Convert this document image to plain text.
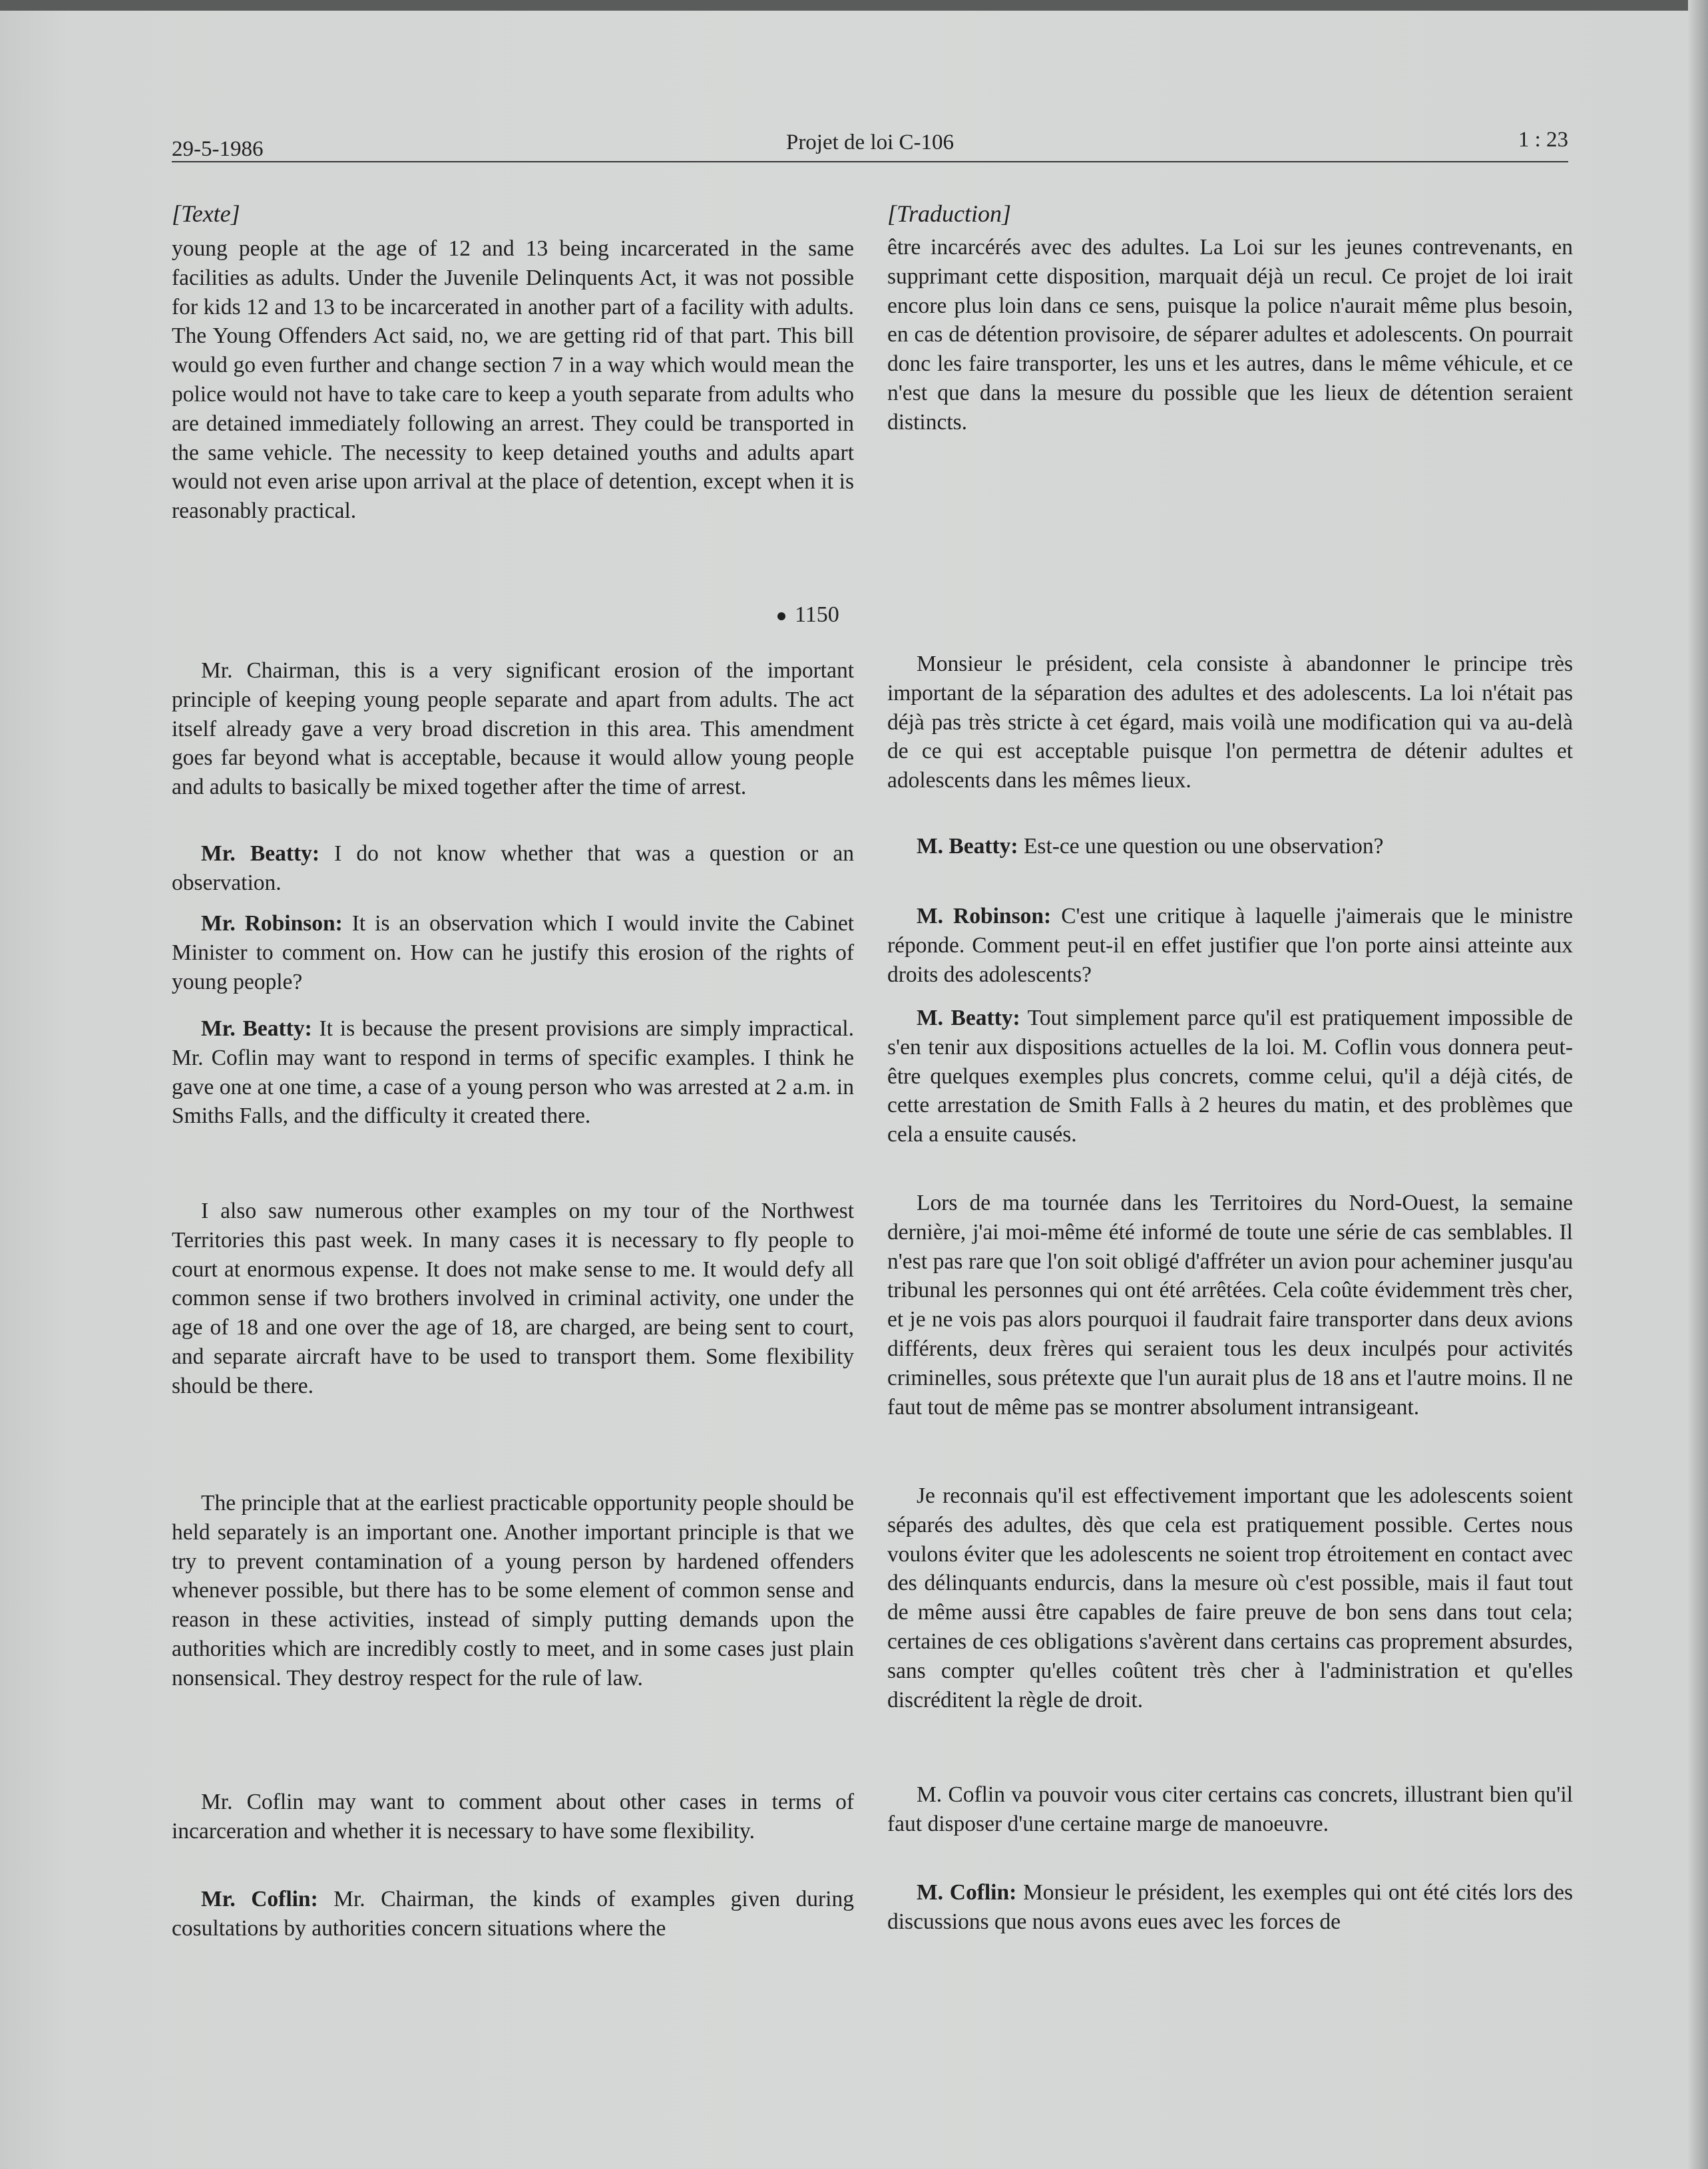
29-5-1986	Projet de loi C-106	1 : 23
[Texte]

young people at the age of 12 and 13 being incarcerated in the same facilities as adults. Under the Juvenile Delinquents Act, it was not possible for kids 12 and 13 to be incarcerated in another part of a facility with adults. The Young Offenders Act said, no, we are getting rid of that part. This bill would go even further and change section 7 in a way which would mean the police would not have to take care to keep a youth separate from adults who are detained immediately following an arrest. They could be transported in the same vehicle. The necessity to keep detained youths and adults apart would not even arise upon arrival at the place of detention, except when it is reasonably practical.

1150

Mr. Chairman, this is a very significant erosion of the important principle of keeping young people separate and apart from adults. The act itself already gave a very broad discretion in this area. This amendment goes far beyond what is acceptable, because it would allow young people and adults to basically be mixed together after the time of arrest.

Mr. Beatty: I do not know whether that was a question or an observation.

Mr. Robinson: It is an observation which I would invite the Cabinet Minister to comment on. How can he justify this erosion of the rights of young people?

Mr. Beatty: It is because the present provisions are simply impractical. Mr. Coflin may want to respond in terms of specific examples. I think he gave one at one time, a case of a young person who was arrested at 2 a.m. in Smiths Falls, and the difficulty it created there.

I also saw numerous other examples on my tour of the Northwest Territories this past week. In many cases it is necessary to fly people to court at enormous expense. It does not make sense to me. It would defy all common sense if two brothers involved in criminal activity, one under the age of 18 and one over the age of 18, are charged, are being sent to court, and separate aircraft have to be used to transport them. Some flexibility should be there.

The principle that at the earliest practicable opportunity people should be held separately is an important one. Another important principle is that we try to prevent contamination of a young person by hardened offenders whenever possible, but there has to be some element of common sense and reason in these activities, instead of simply putting demands upon the authorities which are incredibly costly to meet, and in some cases just plain nonsensical. They destroy respect for the rule of law.

Mr. Coflin may want to comment about other cases in terms of incarceration and whether it is necessary to have some flexibility.

Mr. Coflin: Mr. Chairman, the kinds of examples given during cosultations by authorities concern situations where the

[Traduction]

être incarcérés avec des adultes. La Loi sur les jeunes contrevenants, en supprimant cette disposition, marquait déjà un recul. Ce projet de loi irait encore plus loin dans ce sens, puisque la police n'aurait même plus besoin, en cas de détention provisoire, de séparer adultes et adolescents. On pourrait donc les faire transporter, les uns et les autres, dans le même véhicule, et ce n'est que dans la mesure du possible que les lieux de détention seraient distincts.

Monsieur le président, cela consiste à abandonner le principe très important de la séparation des adultes et des adolescents. La loi n'était pas déjà pas très stricte à cet égard, mais voilà une modification qui va au-delà de ce qui est acceptable puisque l'on permettra de détenir adultes et adolescents dans les mêmes lieux.

M. Beatty: Est-ce une question ou une observation?

M. Robinson: C'est une critique à laquelle j'aimerais que le ministre réponde. Comment peut-il en effet justifier que l'on porte ainsi atteinte aux droits des adolescents?

M. Beatty: Tout simplement parce qu'il est pratiquement impossible de s'en tenir aux dispositions actuelles de la loi. M. Coflin vous donnera peut-être quelques exemples plus concrets, comme celui, qu'il a déjà cités, de cette arrestation de Smith Falls à 2 heures du matin, et des problèmes que cela a ensuite causés.

Lors de ma tournée dans les Territoires du Nord-Ouest, la semaine dernière, j'ai moi-même été informé de toute une série de cas semblables. Il n'est pas rare que l'on soit obligé d'affréter un avion pour acheminer jusqu'au tribunal les personnes qui ont été arrêtées. Cela coûte évidemment très cher, et je ne vois pas alors pourquoi il faudrait faire transporter dans deux avions différents, deux frères qui seraient tous les deux inculpés pour activités criminelles, sous prétexte que l'un aurait plus de 18 ans et l'autre moins. Il ne faut tout de même pas se montrer absolument intransigeant.

Je reconnais qu'il est effectivement important que les adolescents soient séparés des adultes, dès que cela est pratiquement possible. Certes nous voulons éviter que les adolescents ne soient trop étroitement en contact avec des délinquants endurcis, dans la mesure où c'est possible, mais il faut tout de même aussi être capables de faire preuve de bon sens dans tout cela; certaines de ces obligations s'avèrent dans certains cas proprement absurdes, sans compter qu'elles coûtent très cher à l'administration et qu'elles discréditent la règle de droit.

M. Coflin va pouvoir vous citer certains cas concrets, illustrant bien qu'il faut disposer d'une certaine marge de manoeuvre.

M. Coflin: Monsieur le président, les exemples qui ont été cités lors des discussions que nous avons eues avec les forces de
